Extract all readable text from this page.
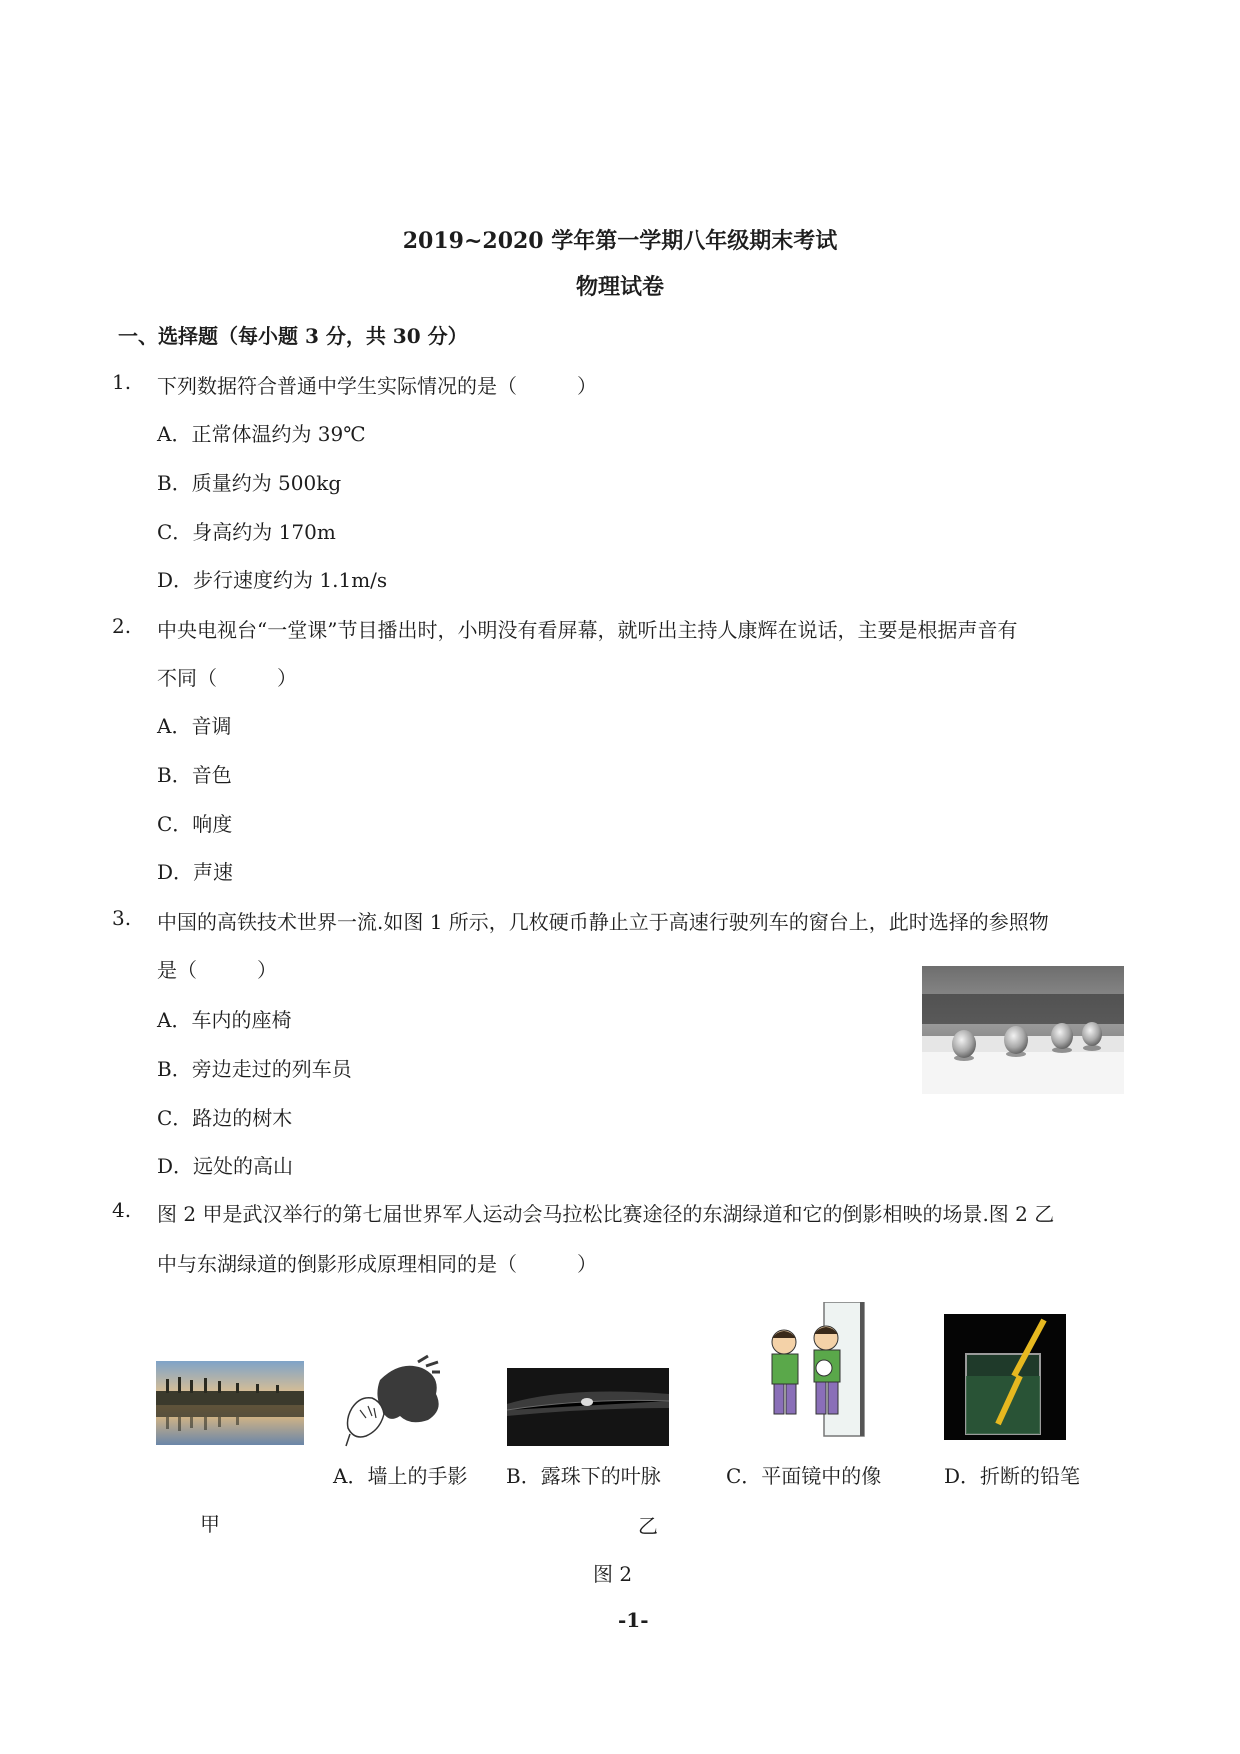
2019~2020 学年第一学期八年级期末考试
物理试卷
一、选择题（每小题 3 分，共 30 分）
1. 下列数据符合普通中学生实际情况的是（　　　）
A．正常体温约为 39℃
B．质量约为 500kg
C．身高约为 170m
D．步行速度约为 1.1m/s
2. 中央电视台“一堂课”节目播出时，小明没有看屏幕，就听出主持人康辉在说话，主要是根据声音有
不同（　　　）
A．音调
B．音色
C．响度
D．声速
3. 中国的高铁技术世界一流.如图 1 所示，几枚硬币静止立于高速行驶列车的窗台上，此时选择的参照物
是（　　　）
A．车内的座椅
B．旁边走过的列车员
C．路边的树木
D．远处的高山
4. 图 2 甲是武汉举行的第七届世界军人运动会马拉松比赛途径的东湖绿道和它的倒影相映的场景.图 2 乙
中与东湖绿道的倒影形成原理相同的是（　　　）
A．墙上的手影 B．露珠下的叶脉	C．平面镜中的像	D．折断的铅笔
甲	乙
图 2
-1-
